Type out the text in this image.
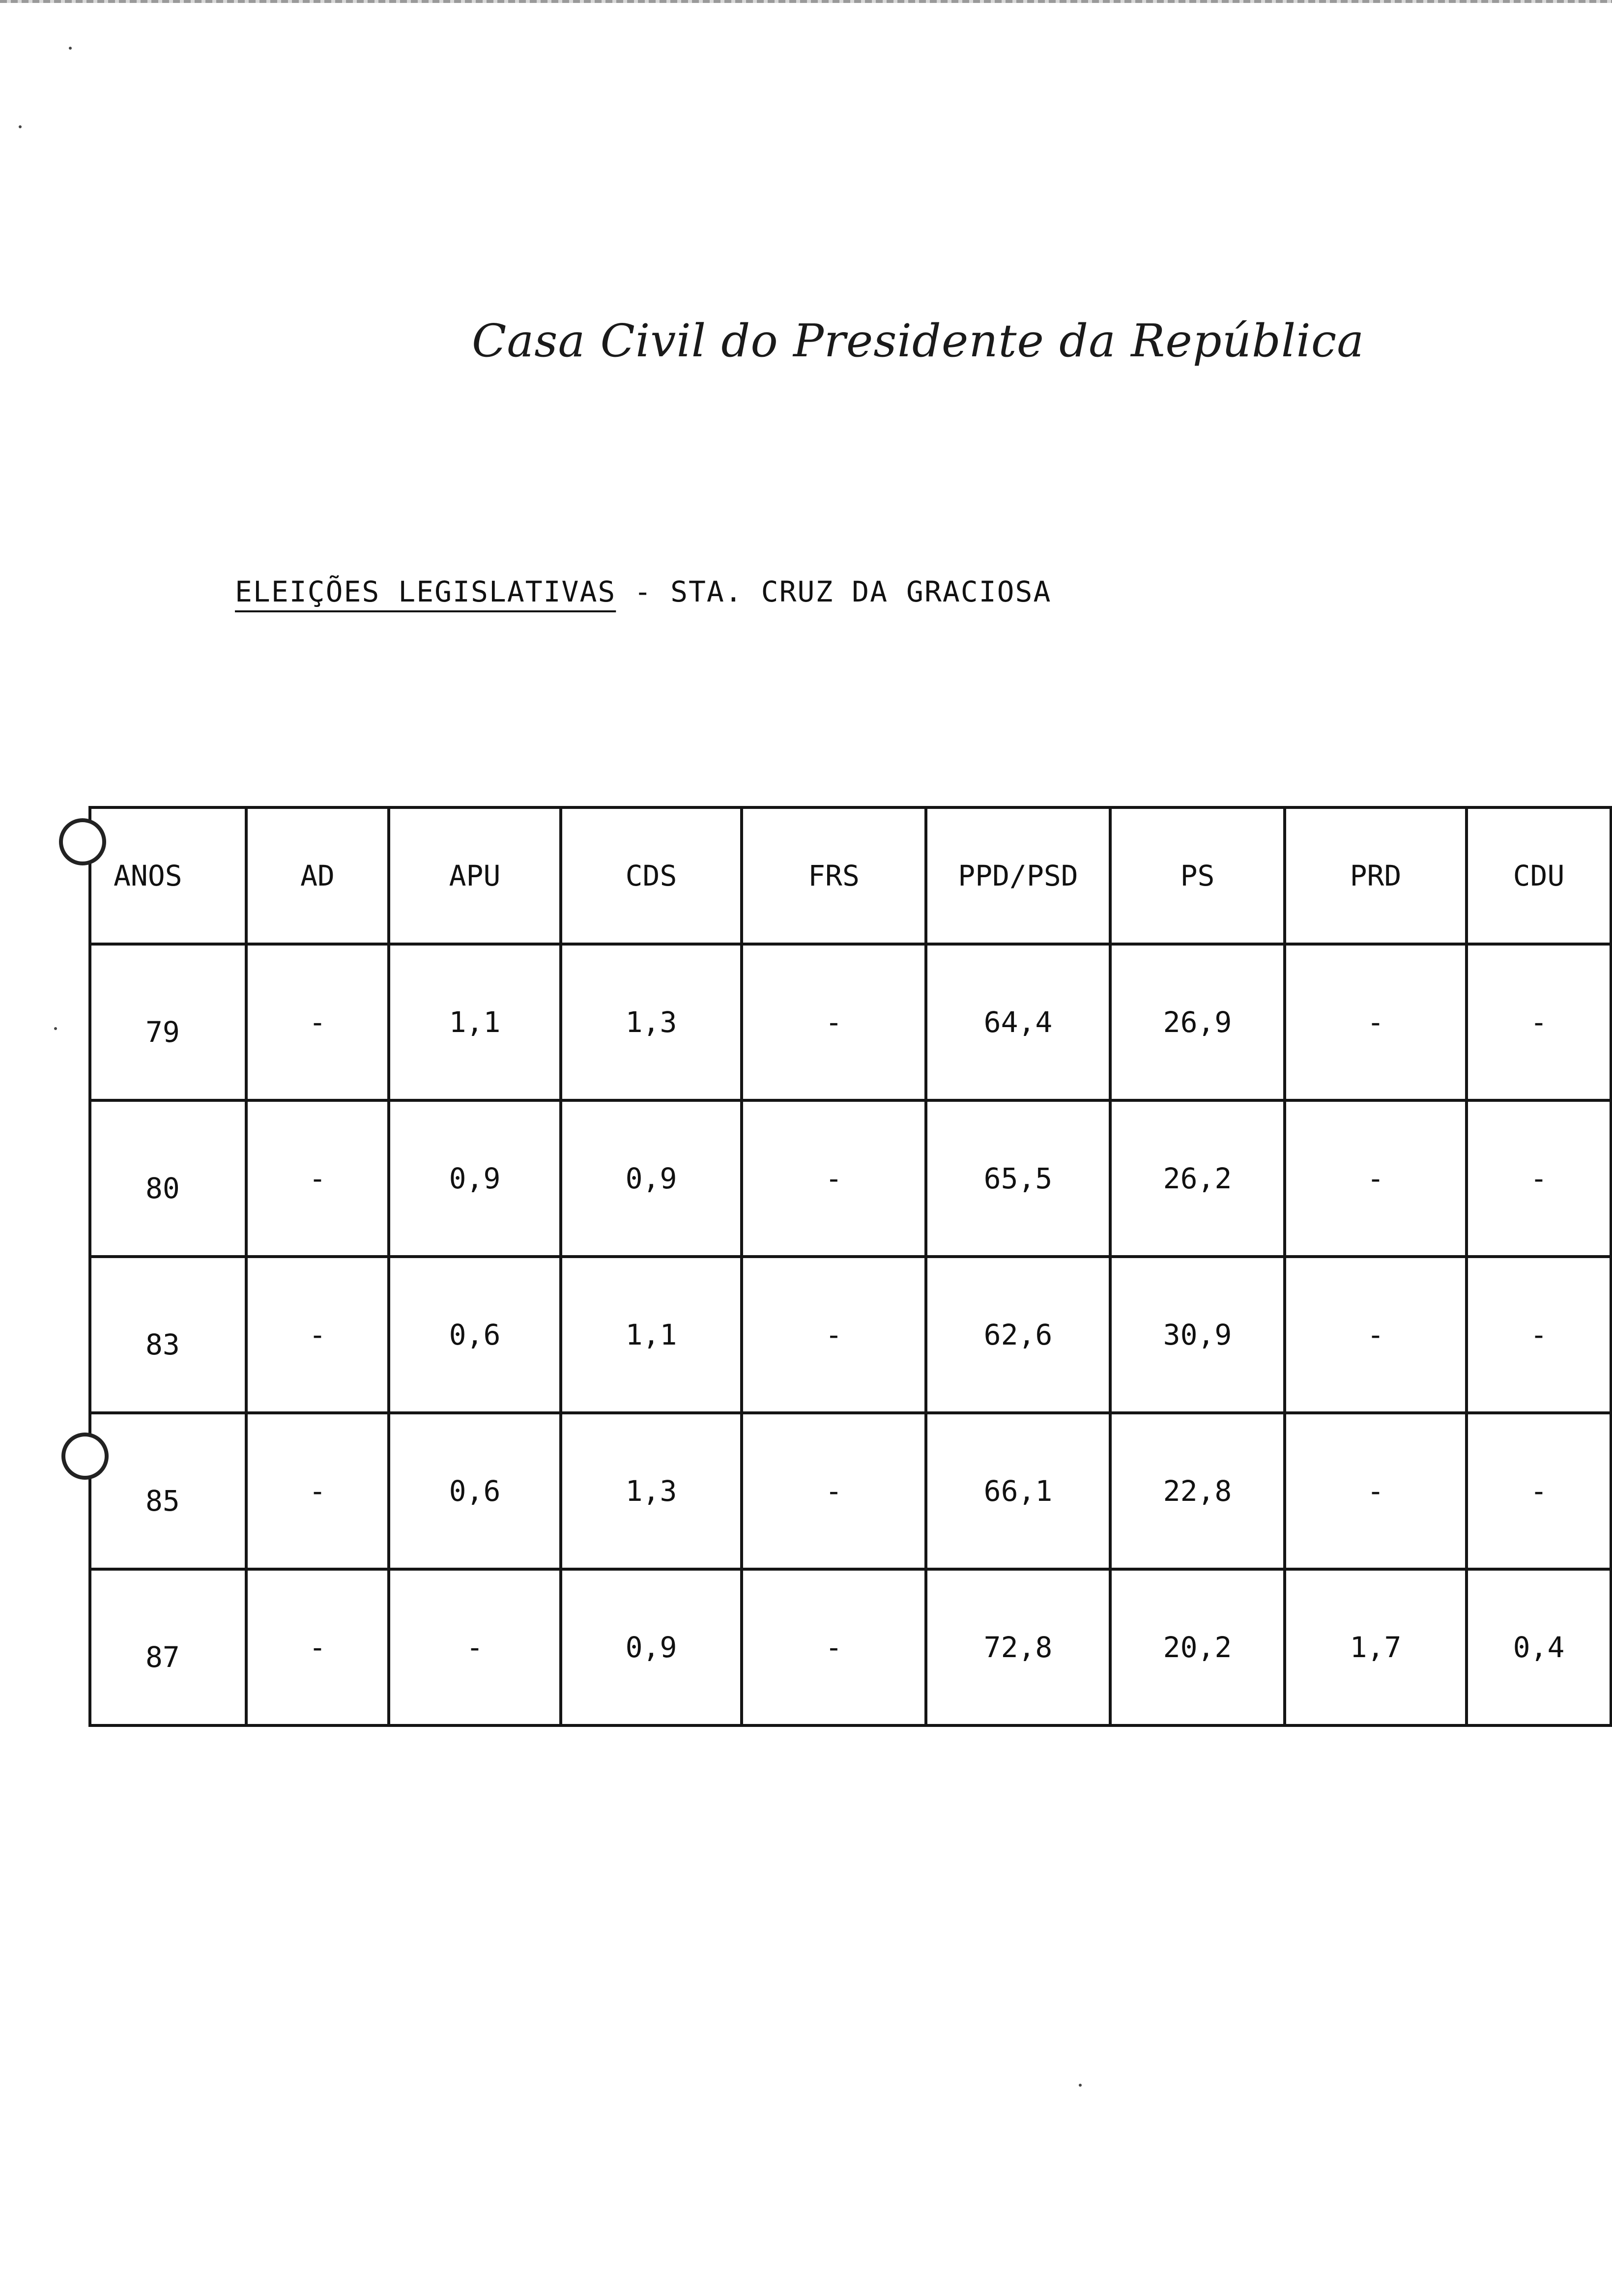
Casa Civil do Presidente da República
ELEIÇÕES LEGISLATIVAS - STA. CRUZ DA GRACIOSA
ANOS	AD	APU	CDS	FRS	PPD/PSD	PS	PRD	CDU
79	-	1,1	1,3	-	64,4	26,9	-	-
80	-	0,9	0,9	-	65,5	26,2	-	-
83	-	0,6	1,1	-	62,6	30,9	-	-
85	-	0,6	1,3	-	66,1	22,8	-	-
87	-	-	0,9	-	72,8	20,2	1,7	0,4
